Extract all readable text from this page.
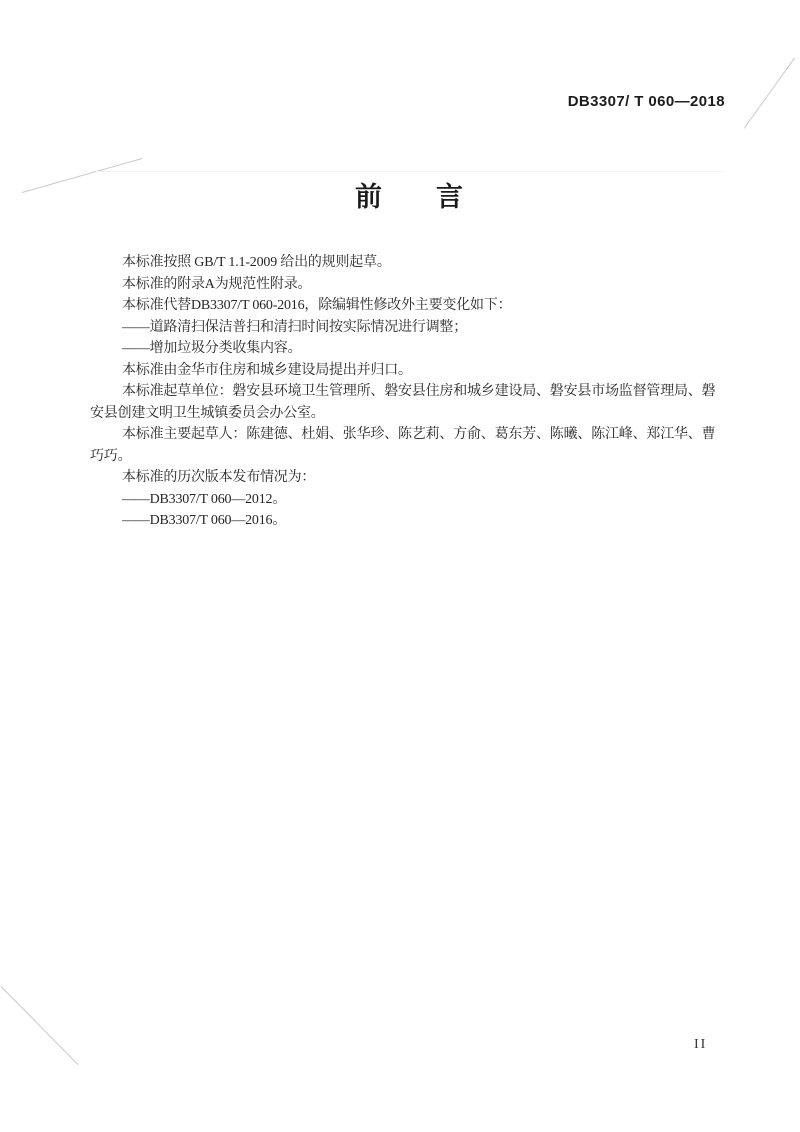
DB3307/ T 060—2018
前　　言
本标准按照 GB/T 1.1-2009 给出的规则起草。
本标准的附录A为规范性附录。
本标准代替DB3307/T 060-2016，除编辑性修改外主要变化如下：
——道路清扫保洁普扫和清扫时间按实际情况进行调整；
——增加垃圾分类收集内容。
本标准由金华市住房和城乡建设局提出并归口。
本标准起草单位：磐安县环境卫生管理所、磐安县住房和城乡建设局、磐安县市场监督管理局、磐
安县创建文明卫生城镇委员会办公室。
本标准主要起草人：陈建德、杜娟、张华珍、陈艺莉、方俞、葛东芳、陈曦、陈江峰、郑江华、曹
巧巧。
本标准的历次版本发布情况为：
——DB3307/T 060—2012。
——DB3307/T 060—2016。
II
